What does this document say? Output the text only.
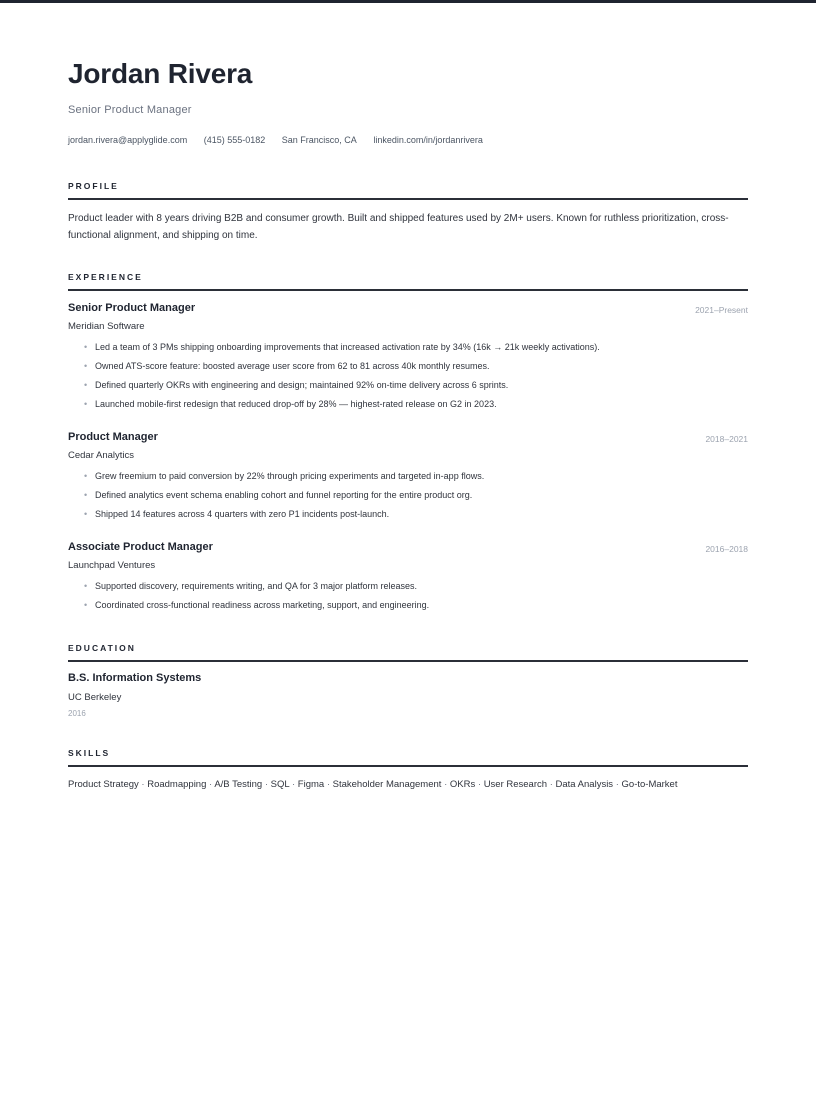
Jordan Rivera
Senior Product Manager
jordan.rivera@applyglide.com (415) 555-0182 San Francisco, CA linkedin.com/in/jordanrivera
PROFILE

Product leader with 8 years driving B2B and consumer growth. Built and shipped features used by 2M+ users. Known for ruthless prioritization, cross-functional alignment, and shipping on time.

EXPERIENCE
Senior Product Manager	2021–Present
Meridian Software
• Led a team of 3 PMs shipping onboarding improvements that increased activation rate by 34% (16k → 21k weekly activations).
• Owned ATS-score feature: boosted average user score from 62 to 81 across 40k monthly resumes.
• Defined quarterly OKRs with engineering and design; maintained 92% on-time delivery across 6 sprints.
• Launched mobile-first redesign that reduced drop-off by 28% — highest-rated release on G2 in 2023.
Product Manager	2018–2021
Cedar Analytics
• Grew freemium to paid conversion by 22% through pricing experiments and targeted in-app flows.
• Defined analytics event schema enabling cohort and funnel reporting for the entire product org.
• Shipped 14 features across 4 quarters with zero P1 incidents post-launch.
Associate Product Manager	2016–2018
Launchpad Ventures
• Supported discovery, requirements writing, and QA for 3 major platform releases.
• Coordinated cross-functional readiness across marketing, support, and engineering.
EDUCATION
B.S. Information Systems
UC Berkeley
2016
SKILLS
Product Strategy · Roadmapping · A/B Testing · SQL · Figma · Stakeholder Management · OKRs · User Research · Data Analysis · Go-to-Market
